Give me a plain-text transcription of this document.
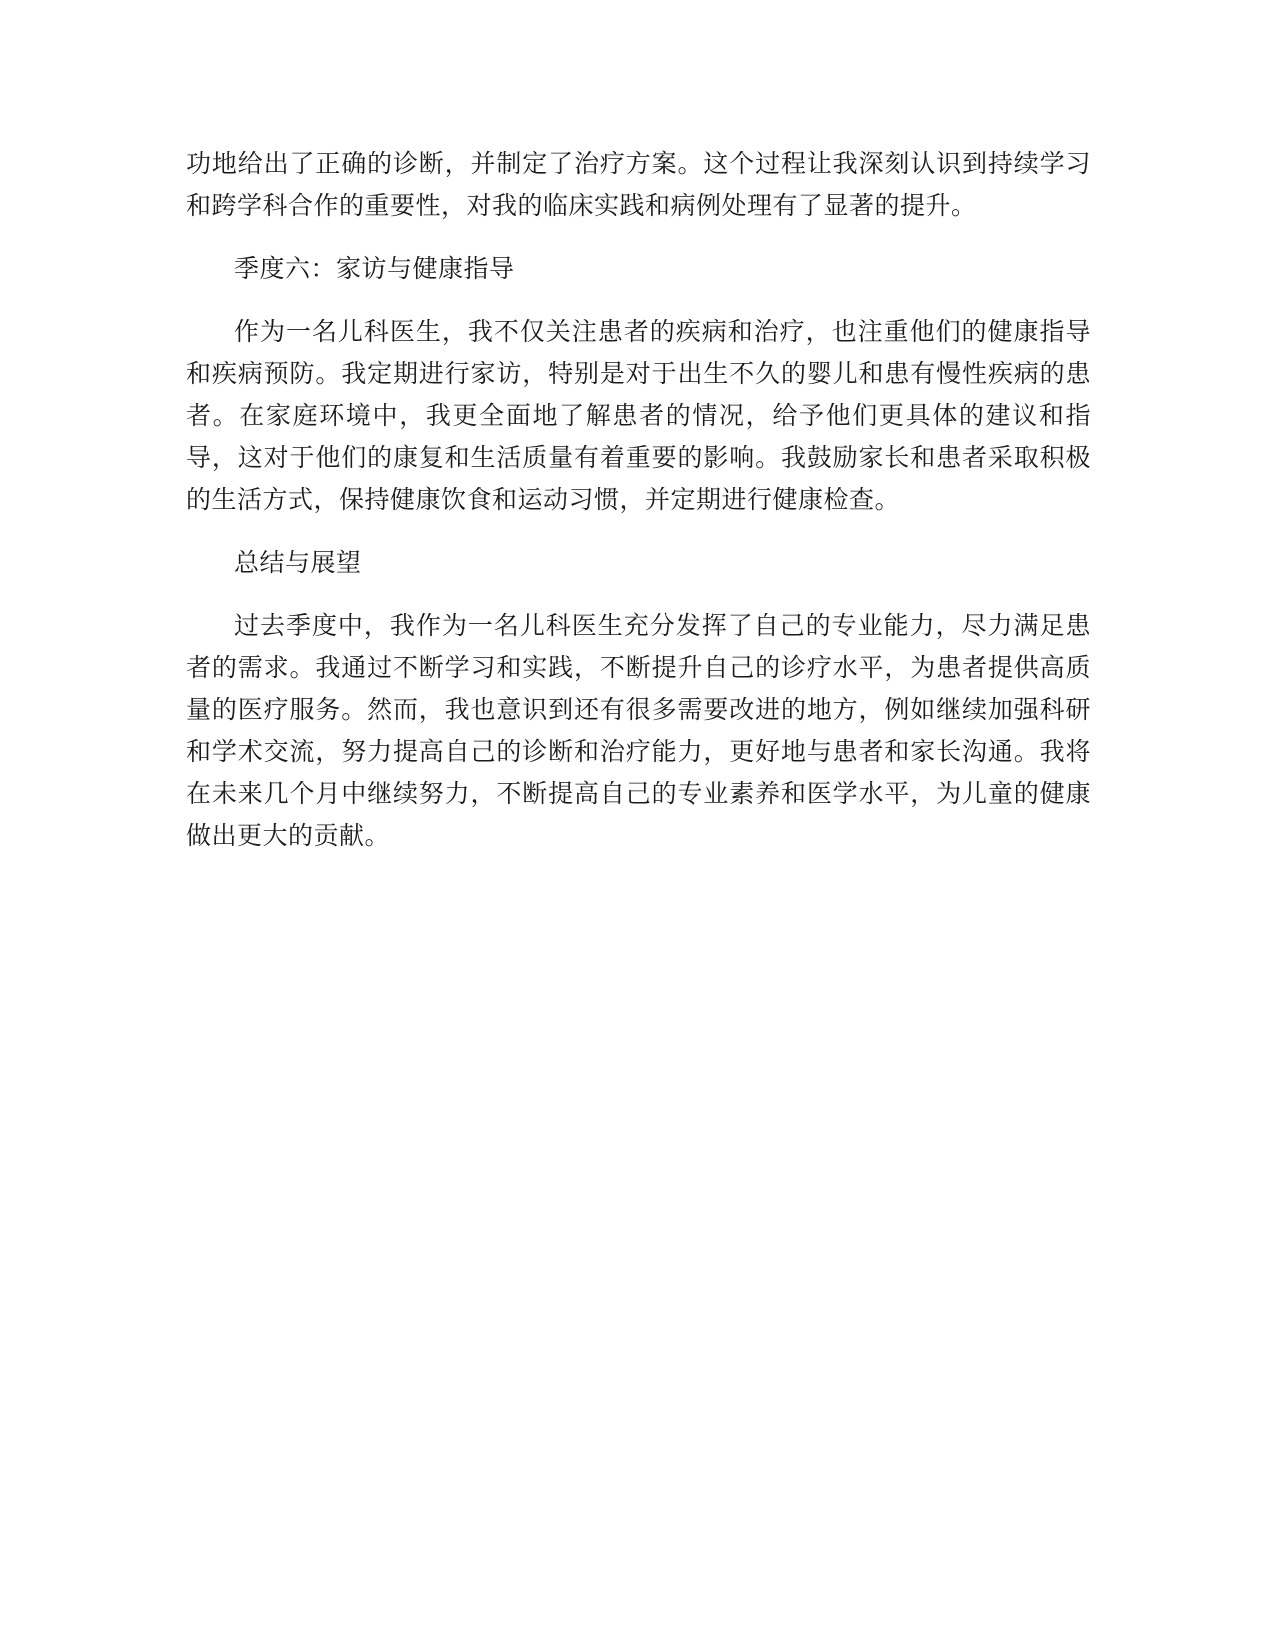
功地给出了正确的诊断，并制定了治疗方案。这个过程让我深刻认识到持续学习和跨学科合作的重要性，对我的临床实践和病例处理有了显著的提升。

季度六：家访与健康指导

作为一名儿科医生，我不仅关注患者的疾病和治疗，也注重他们的健康指导和疾病预防。我定期进行家访，特别是对于出生不久的婴儿和患有慢性疾病的患者。在家庭环境中，我更全面地了解患者的情况，给予他们更具体的建议和指导，这对于他们的康复和生活质量有着重要的影响。我鼓励家长和患者采取积极的生活方式，保持健康饮食和运动习惯，并定期进行健康检查。

总结与展望

过去季度中，我作为一名儿科医生充分发挥了自己的专业能力，尽力满足患者的需求。我通过不断学习和实践，不断提升自己的诊疗水平，为患者提供高质量的医疗服务。然而，我也意识到还有很多需要改进的地方，例如继续加强科研和学术交流，努力提高自己的诊断和治疗能力，更好地与患者和家长沟通。我将在未来几个月中继续努力，不断提高自己的专业素养和医学水平，为儿童的健康做出更大的贡献。
